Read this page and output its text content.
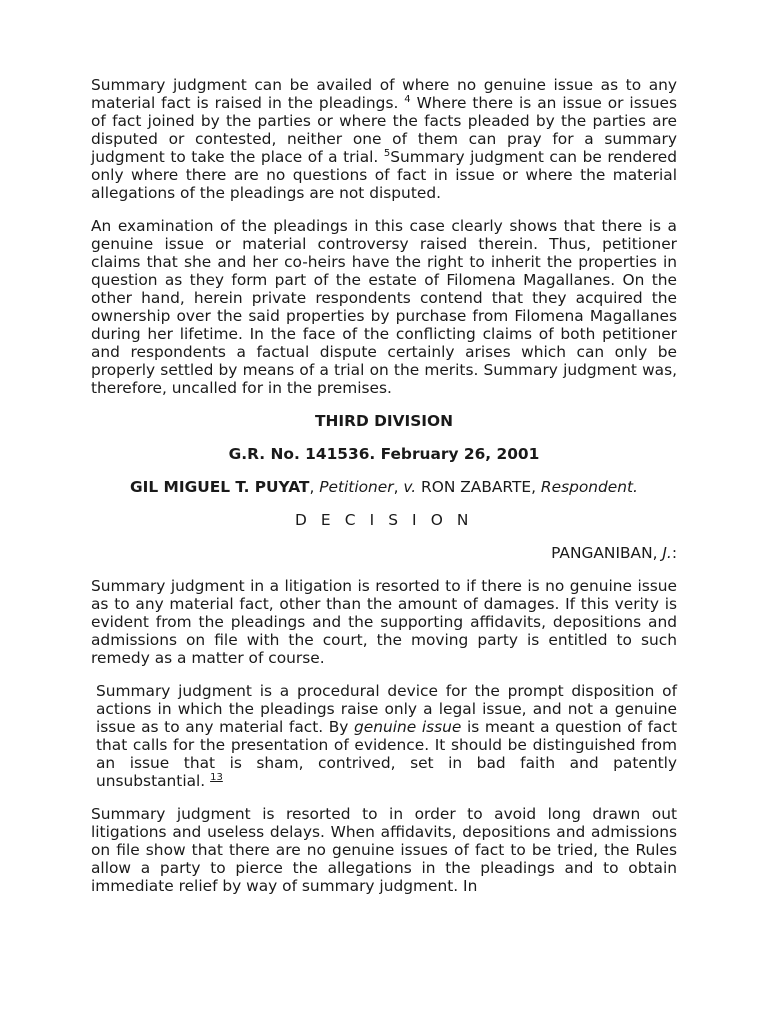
Summary judgment can be availed of where no genuine issue as to any material fact is raised in the pleadings. $^4$ Where there is an issue or issues of fact joined by the parties or where the facts pleaded by the parties are disputed or contested, neither one of them can pray for a summary judgment to take the place of a trial. $^5$Summary judgment can be rendered only where there are no questions of fact in issue or where the material allegations of the pleadings are not disputed.

An examination of the pleadings in this case clearly shows that there is a genuine issue or material controversy raised therein. Thus, petitioner claims that she and her co-heirs have the right to inherit the properties in question as they form part of the estate of Filomena Magallanes. On the other hand, herein private respondents contend that they acquired the ownership over the said properties by purchase from Filomena Magallanes during her lifetime. In the face of the conflicting claims of both petitioner and respondents a factual dispute certainly arises which can only be properly settled by means of a trial on the merits. Summary judgment was, therefore, uncalled for in the premises.

THIRD DIVISION

G.R. No. 141536. February 26, 2001

GIL MIGUEL T. PUYAT, Petitioner, v. RON ZABARTE, Respondent.

D E C I S I O N

PANGANIBAN, J.:

Summary judgment in a litigation is resorted to if there is no genuine issue as to any material fact, other than the amount of damages. If this verity is evident from the pleadings and the supporting affidavits, depositions and admissions on file with the court, the moving party is entitled to such remedy as a matter of course.

Summary judgment is a procedural device for the prompt disposition of actions in which the pleadings raise only a legal issue, and not a genuine issue as to any material fact. By genuine issue is meant a question of fact that calls for the presentation of evidence. It should be distinguished from an issue that is sham, contrived, set in bad faith and patently unsubstantial. $^{13}$

Summary judgment is resorted to in order to avoid long drawn out litigations and useless delays. When affidavits, depositions and admissions on file show that there are no genuine issues of fact to be tried, the Rules allow a party to pierce the allegations in the pleadings and to obtain immediate relief by way of summary judgment. In
